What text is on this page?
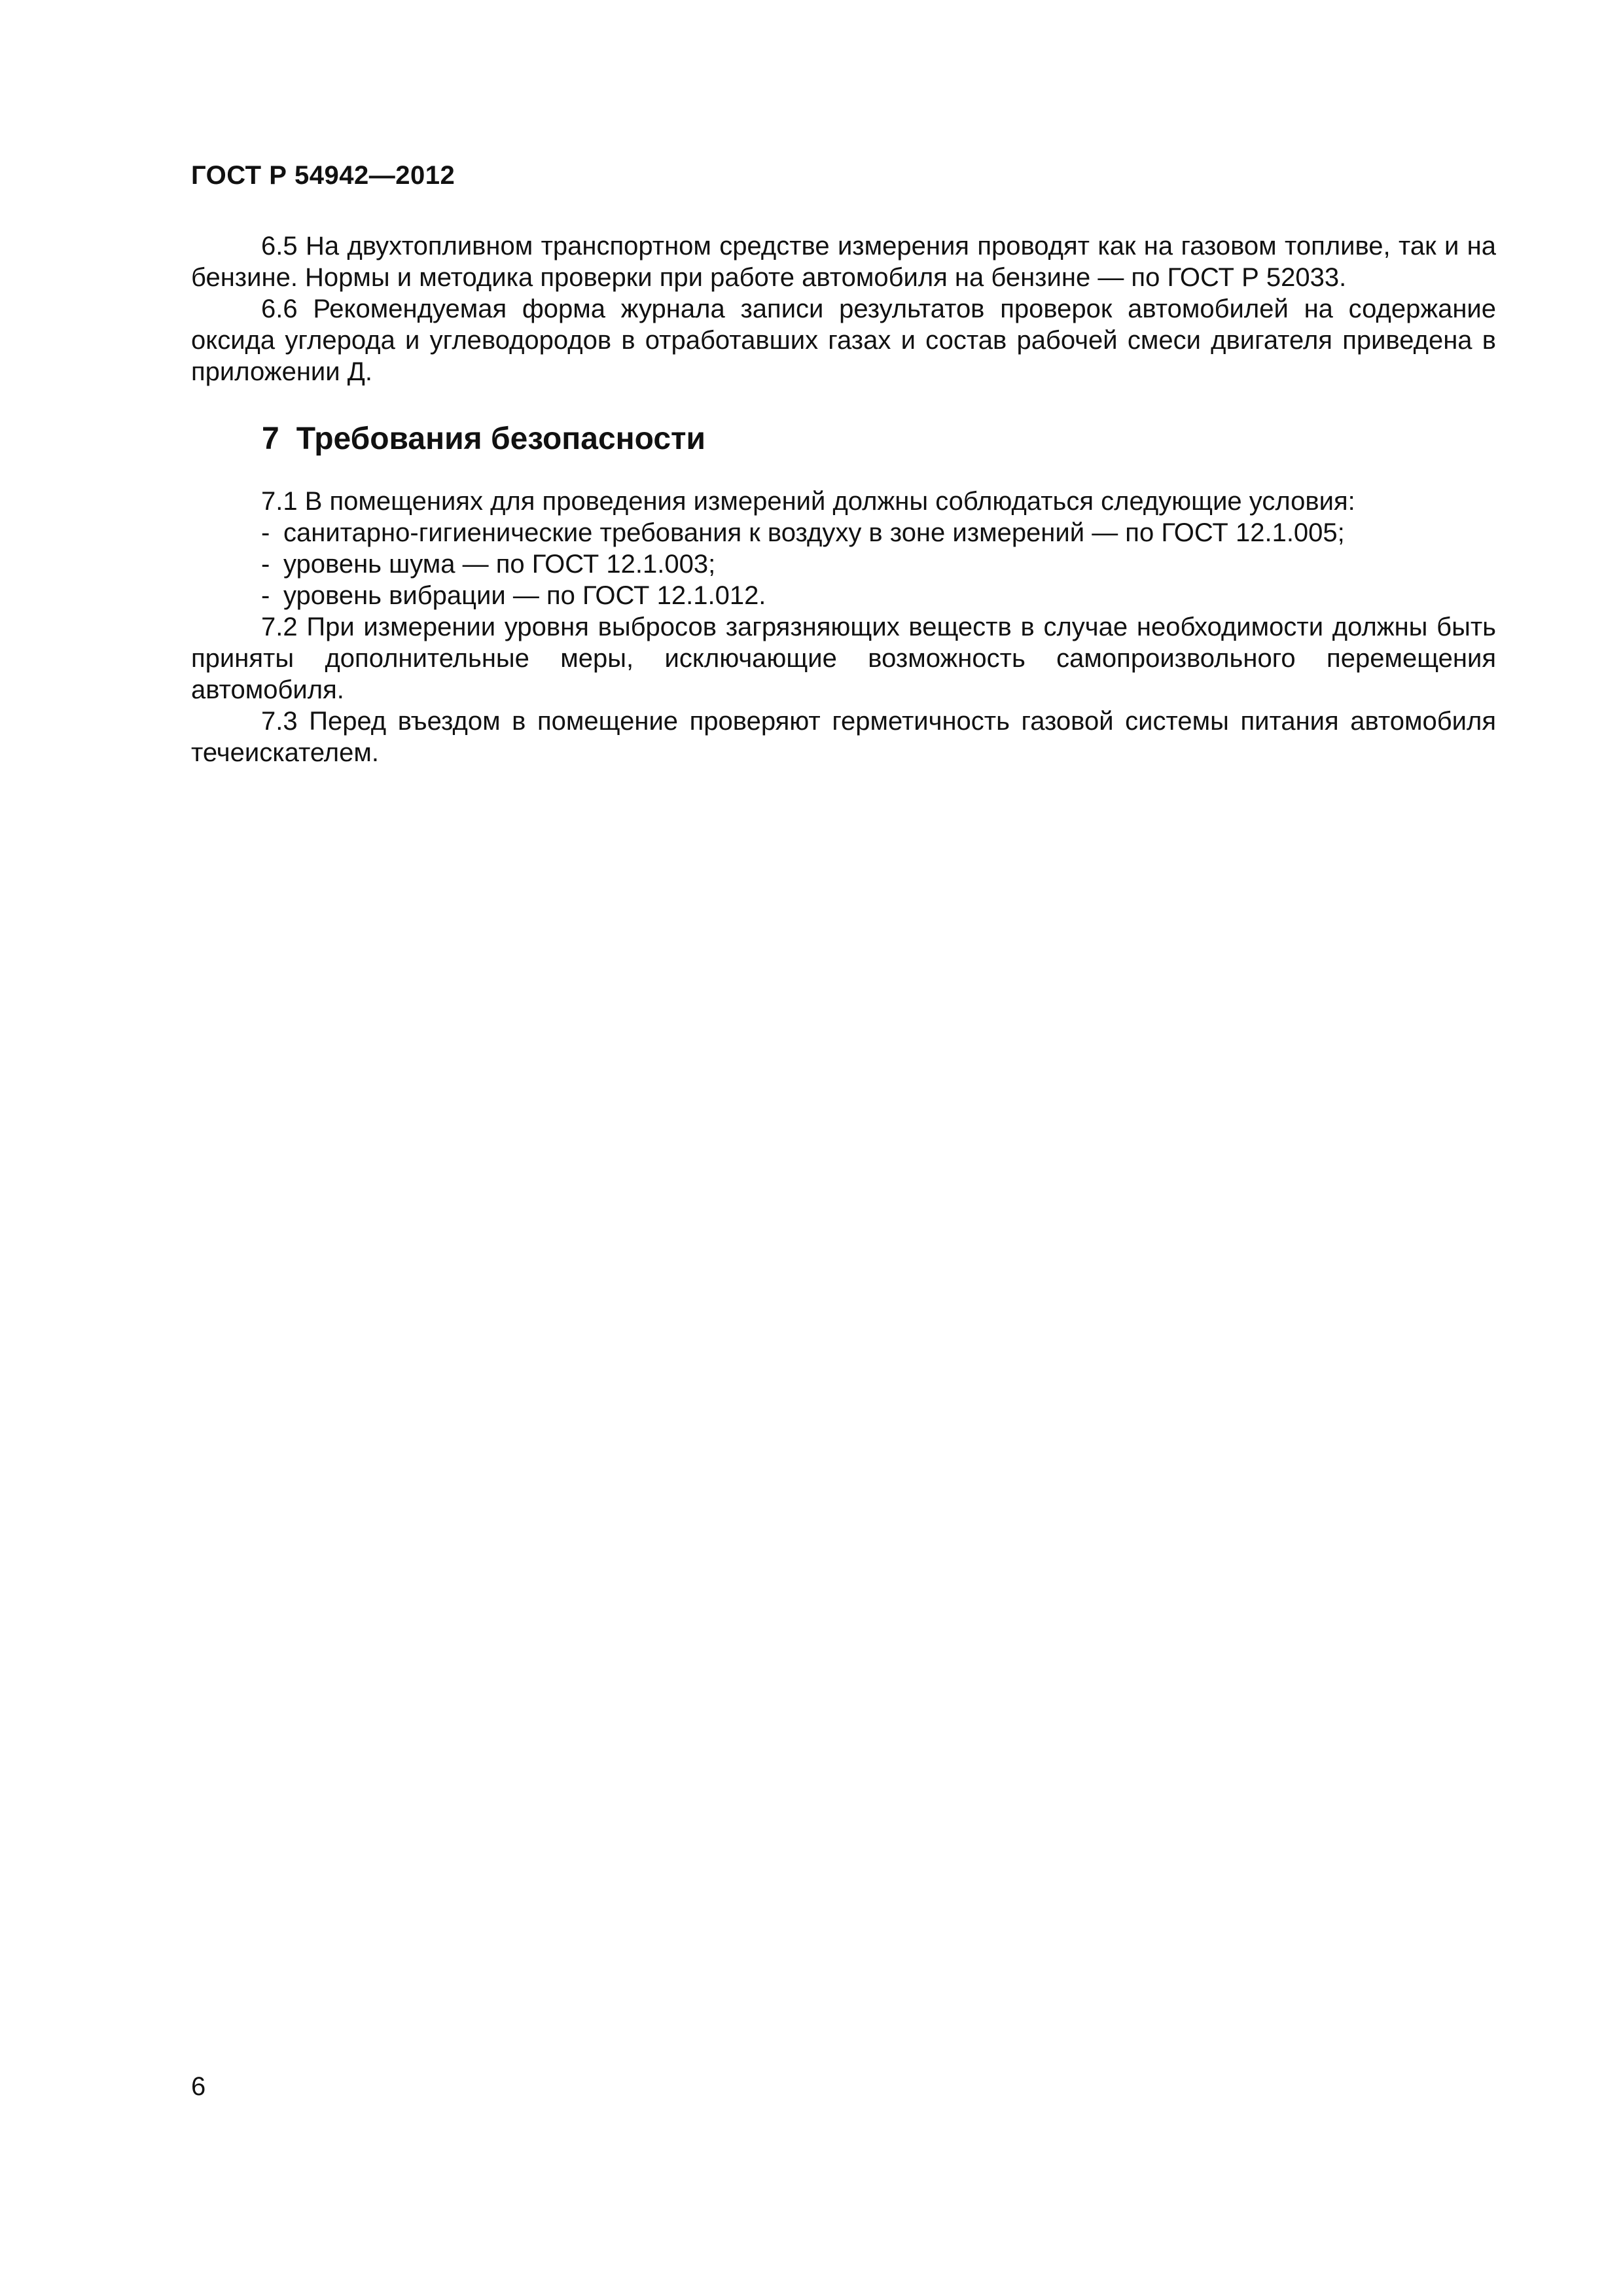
ГОСТ Р 54942—2012

6.5 На двухтопливном транспортном средстве измерения проводят как на газовом топливе, так и на бензине. Нормы и методика проверки при работе автомобиля на бензине — по ГОСТ Р 52033.

6.6 Рекомендуемая форма журнала записи результатов проверок автомобилей на содержание оксида углерода и углеводородов в отработавших газах и состав рабочей смеси двигателя приведена в приложении Д.

7 Требования безопасности

7.1 В помещениях для проведения измерений должны соблюдаться следующие условия:

- санитарно-гигиенические требования к воздуху в зоне измерений — по ГОСТ 12.1.005;

- уровень шума — по ГОСТ 12.1.003;

- уровень вибрации — по ГОСТ 12.1.012.

7.2 При измерении уровня выбросов загрязняющих веществ в случае необходимости должны быть приняты дополнительные меры, исключающие возможность самопроизвольного перемещения автомобиля.

7.3 Перед въездом в помещение проверяют герметичность газовой системы питания автомобиля течеискателем.

6
